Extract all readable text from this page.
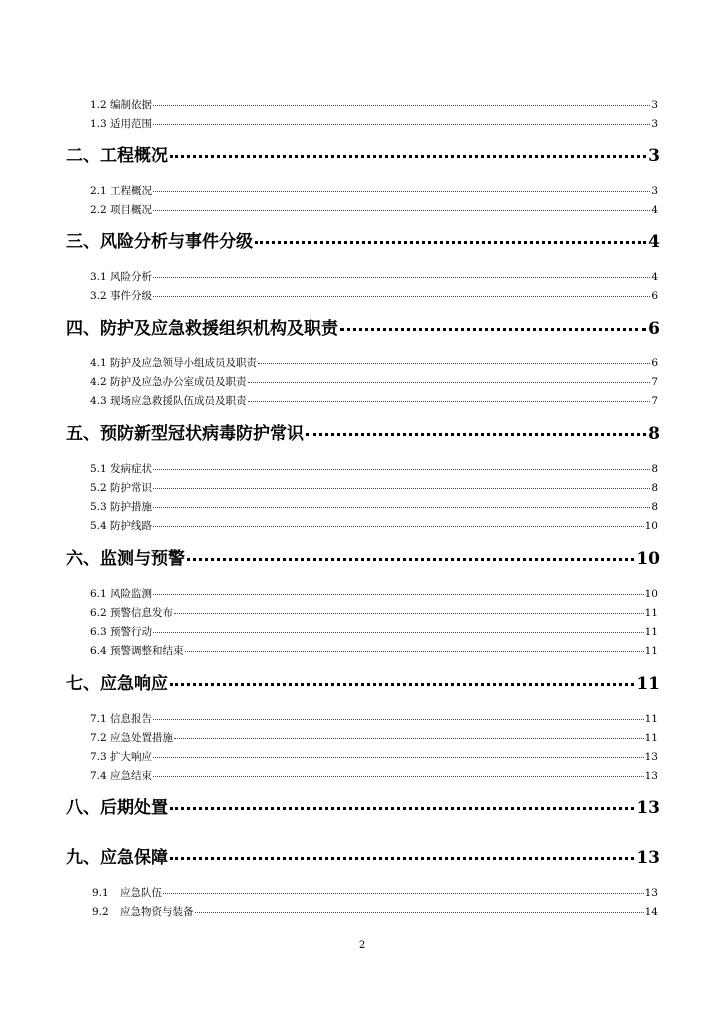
1.2 编制依据	3
1.3 适用范围	3
二、工程概况	3
2.1 工程概况	3
2.2 项目概况	4
三、风险分析与事件分级	4
3.1 风险分析	4
3.2 事件分级	6
四、防护及应急救援组织机构及职责	6
4.1 防护及应急领导小组成员及职责	6
4.2 防护及应急办公室成员及职责	7
4.3 现场应急救援队伍成员及职责	7
五、预防新型冠状病毒防护常识	8
5.1 发病症状	8
5.2 防护常识	8
5.3 防护措施	8
5.4 防护线路	10
六、监测与预警	10
6.1 风险监测	10
6.2 预警信息发布	11
6.3 预警行动	11
6.4 预警调整和结束	11
七、应急响应	11
7.1 信息报告	11
7.2 应急处置措施	11
7.3 扩大响应	13
7.4 应急结束	13
八、后期处置	13
九、应急保障	13
9.1 应急队伍	13
9.2 应急物资与装备	14
2
